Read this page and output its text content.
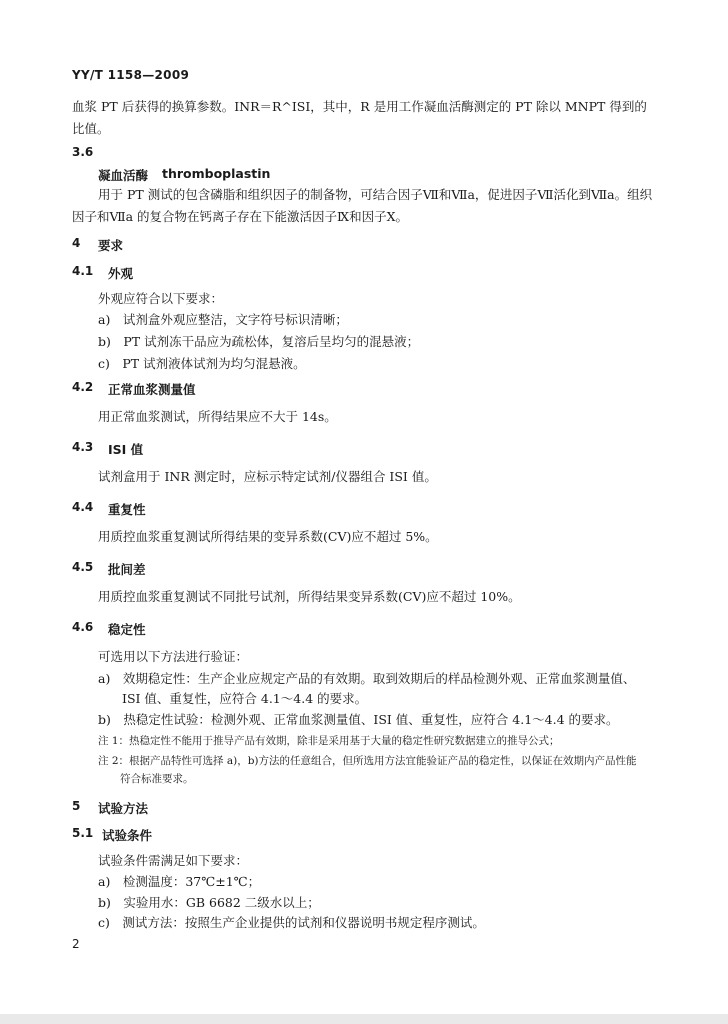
YY/T 1158—2009
血浆 PT 后获得的换算参数。INR＝R^ISI，其中，R 是用工作凝血活酶测定的 PT 除以 MNPT 得到的
比值。
3.6
凝血活酶 thromboplastin
用于 PT 测试的包含磷脂和组织因子的制备物，可结合因子Ⅶ和Ⅶa，促进因子Ⅶ活化到Ⅶa。组织
因子和Ⅶa 的复合物在钙离子存在下能激活因子Ⅸ和因子Ⅹ。
4 要求
4.1 外观
外观应符合以下要求：
a)　试剂盒外观应整洁，文字符号标识清晰；
b)　PT 试剂冻干品应为疏松体，复溶后呈均匀的混悬液；
c)　PT 试剂液体试剂为均匀混悬液。
4.2 正常血浆测量值
用正常血浆测试，所得结果应不大于 14s。
4.3 ISI 值
试剂盒用于 INR 测定时，应标示特定试剂/仪器组合 ISI 值。
4.4 重复性
用质控血浆重复测试所得结果的变异系数(CV)应不超过 5%。
4.5 批间差
用质控血浆重复测试不同批号试剂，所得结果变异系数(CV)应不超过 10%。
4.6 稳定性
可选用以下方法进行验证：
a)　效期稳定性：生产企业应规定产品的有效期。取到效期后的样品检测外观、正常血浆测量值、
ISI 值、重复性，应符合 4.1～4.4 的要求。
b)　热稳定性试验：检测外观、正常血浆测量值、ISI 值、重复性，应符合 4.1～4.4 的要求。
注 1：热稳定性不能用于推导产品有效期，除非是采用基于大量的稳定性研究数据建立的推导公式；
注 2：根据产品特性可选择 a)，b)方法的任意组合，但所选用方法宜能验证产品的稳定性，以保证在效期内产品性能
符合标准要求。
5 试验方法
5.1 试验条件
试验条件需满足如下要求：
a)　检测温度：37℃±1℃；
b)　实验用水：GB 6682 二级水以上；
c)　测试方法：按照生产企业提供的试剂和仪器说明书规定程序测试。
2
